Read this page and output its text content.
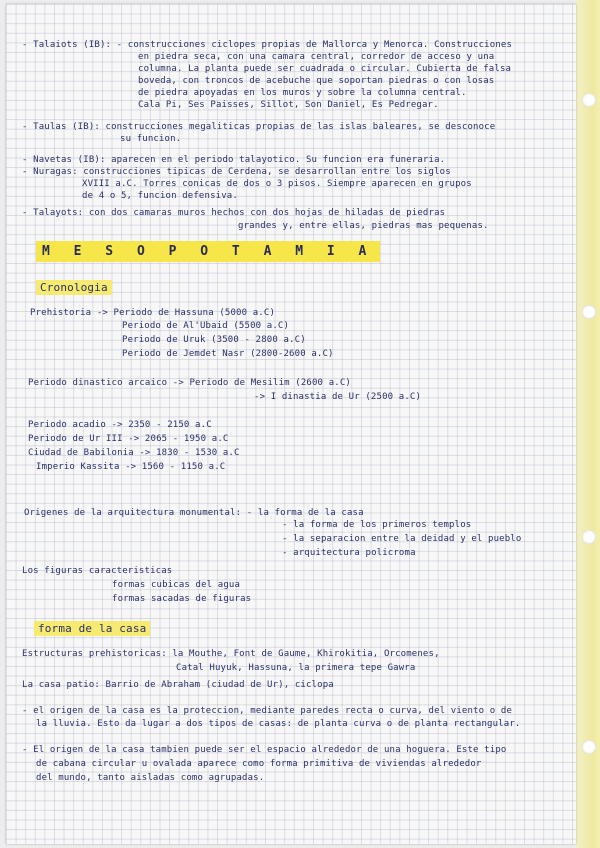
- Talaiots (IB): - construcciones ciclopes propias de Mallorca y Menorca. Construcciones
en piedra seca, con una camara central, corredor de acceso y una
columna. La planta puede ser cuadrada o circular. Cubierta de falsa
boveda, con troncos de acebuche que soportan piedras o con losas
de piedra apoyadas en los muros y sobre la columna central.
Cala Pi, Ses Paisses, Sillot, Son Daniel, Es Pedregar.
- Taulas (IB): construcciones megaliticas propias de las islas baleares, se desconoce
su funcion.
- Navetas (IB): aparecen en el periodo talayotico. Su funcion era funeraria.
- Nuragas: construcciones tipicas de Cerdena, se desarrollan entre los siglos
XVIII a.C. Torres conicas de dos o 3 pisos. Siempre aparecen en grupos
de 4 o 5, funcion defensiva.
- Talayots: con dos camaras muros hechos con dos hojas de hiladas de piedras
grandes y, entre ellas, piedras mas pequenas.
Cronologia
Prehistoria -> Periodo de Hassuna (5000 a.C)
Periodo de Al'Ubaid (5500 a.C)
Periodo de Uruk (3500 - 2800 a.C)
Periodo de Jemdet Nasr (2800-2600 a.C)
Periodo dinastico arcaico -> Periodo de Mesilim (2600 a.C)
-> I dinastia de Ur (2500 a.C)
Periodo acadio -> 2350 - 2150 a.C
Periodo de Ur III -> 2065 - 1950 a.C
Ciudad de Babilonia -> 1830 - 1530 a.C
Imperio Kassita -> 1560 - 1150 a.C
Origenes de la arquitectura monumental: - la forma de la casa
- la forma de los primeros templos
- la separacion entre la deidad y el pueblo
- arquitectura policroma
Los figuras caracteristicas
formas cubicas del agua
formas sacadas de figuras
forma de la casa
Estructuras prehistoricas: la Mouthe, Font de Gaume, Khirokitia, Orcomenes,
Catal Huyuk, Hassuna, la primera tepe Gawra
La casa patio: Barrio de Abraham (ciudad de Ur), ciclopa
- el origen de la casa es la proteccion, mediante paredes recta o curva, del viento o de
la lluvia. Esto da lugar a dos tipos de casas: de planta curva o de planta rectangular.
- El origen de la casa tambien puede ser el espacio alrededor de una hoguera. Este tipo
de cabana circular u ovalada aparece como forma primitiva de viviendas alrededor
del mundo, tanto aisladas como agrupadas.
M E S O P O T A M I A
